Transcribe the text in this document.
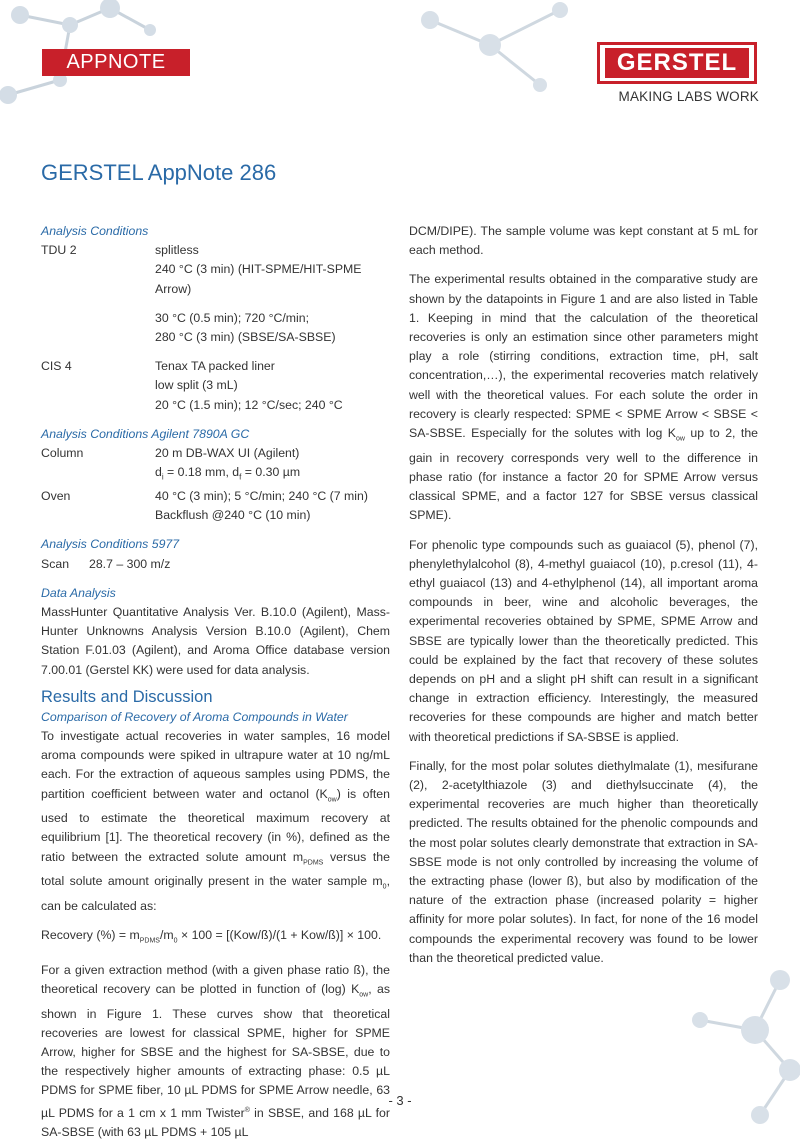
APPNOTE	GERSTEL
MAKING LABS WORK
GERSTEL AppNote 286
Analysis Conditions
TDU 2	splitless
240 °C (3 min) (HIT-SPME/HIT-SPME Arrow)
30 °C (0.5 min); 720 °C/min;
280 °C (3 min) (SBSE/SA-SBSE)
CIS 4	Tenax TA packed liner
low split (3 mL)
20 °C (1.5 min); 12 °C/sec; 240 °C
Analysis Conditions Agilent 7890A GC
Column	20 m DB-WAX UI (Agilent)
$d_i = 0.18$ mm, $d_f = 0.30$ µm
Oven	40 °C (3 min); 5 °C/min; 240 °C (7 min)
Backflush @240 °C (10 min)
Analysis Conditions 5977
Scan	28.7 – 300 m/z
Data Analysis
MassHunter Quantitative Analysis Ver. B.10.0 (Agilent), Mass-Hunter Unknowns Analysis Version B.10.0 (Agilent), Chem Station F.01.03 (Agilent), and Aroma Office database version 7.00.01 (Gerstel KK) were used for data analysis.
Results and Discussion
Comparison of Recovery of Aroma Compounds in Water
To investigate actual recoveries in water samples, 16 model aroma compounds were spiked in ultrapure water at 10 ng/mL each. For the extraction of aqueous samples using PDMS, the partition coefficient between water and octanol $(K_{ow})$ is often used to estimate the theoretical maximum recovery at equilibrium [1]. The theoretical recovery (in %), defined as the ratio between the extracted solute amount $m_{PDMS}$ versus the total solute amount originally present in the water sample $m_0$, can be calculated as:
Recovery (%) = $m_{PDMS}/m_0 \times 100$ = [(Kow/ß)/(1 + Kow/ß)] × 100.
For a given extraction method (with a given phase ratio ß), the theoretical recovery can be plotted in function of (log) $K_{ow}$, as shown in Figure 1. These curves show that theoretical recoveries are lowest for classical SPME, higher for SPME Arrow, higher for SBSE and the highest for SA-SBSE, due to the respectively higher amounts of extracting phase: 0.5 µL PDMS for SPME fiber, 10 µL PDMS for SPME Arrow needle, 63 µL PDMS for a 1 cm x 1 mm Twister® in SBSE, and 168 µL for SA-SBSE (with 63 µL PDMS + 105 µL
DCM/DIPE). The sample volume was kept constant at 5 mL for each method.
The experimental results obtained in the comparative study are shown by the datapoints in Figure 1 and are also listed in Table 1. Keeping in mind that the calculation of the theoretical recoveries is only an estimation since other parameters might play a role (stirring conditions, extraction time, pH, salt concentration,…), the experimental recoveries match relatively well with the theoretical values. For each solute the order in recovery is clearly respected: SPME < SPME Arrow < SBSE < SA-SBSE. Especially for the solutes with $\log K_{ow}$ up to 2, the gain in recovery corresponds very well to the difference in phase ratio (for instance a factor 20 for SPME Arrow versus classical SPME, and a factor 127 for SBSE versus classical SPME).
For phenolic type compounds such as guaiacol (5), phenol (7), phenylethylalcohol (8), 4-methyl guaiacol (10), p.cresol (11), 4-ethyl guaiacol (13) and 4-ethylphenol (14), all important aroma compounds in beer, wine and alcoholic beverages, the experimental recoveries obtained by SPME, SPME Arrow and SBSE are typically lower than the theoretically predicted. This could be explained by the fact that recovery of these solutes depends on pH and a slight pH shift can result in a significant change in extraction efficiency. Interestingly, the measured recoveries for these compounds are higher and match better with theoretical predictions if SA-SBSE is applied.
Finally, for the most polar solutes diethylmalate (1), mesifurane (2), 2-acetylthiazole (3) and diethylsuccinate (4), the experimental recoveries are much higher than theoretically predicted. The results obtained for the phenolic compounds and the most polar solutes clearly demonstrate that extraction in SA-SBSE mode is not only controlled by increasing the volume of the extracting phase (lower ß), but also by modification of the nature of the extraction phase (increased polarity = higher affinity for more polar solutes). In fact, for none of the 16 model compounds the experimental recovery was found to be lower than the theoretical predicted value.
- 3 -
